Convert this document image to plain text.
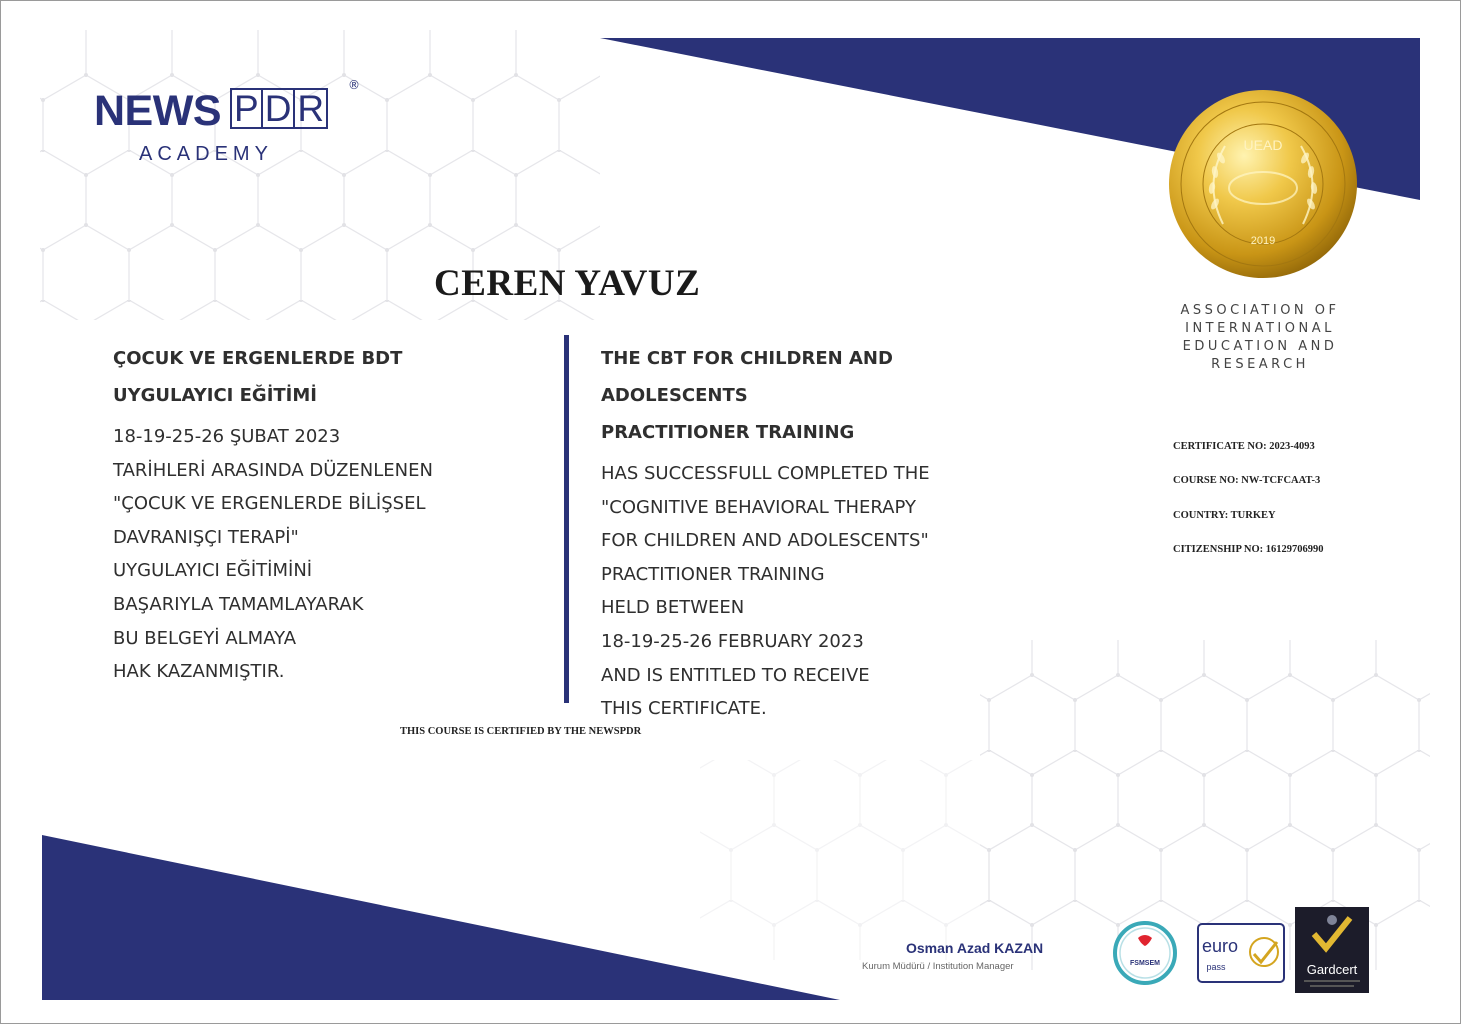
NEWS P D R
®
ACADEMY
CEREN YAVUZ
ÇOCUK VE ERGENLERDE BDT
UYGULAYICI EĞİTİMİ
18-19-25-26 ŞUBAT 2023
TARİHLERİ ARASINDA DÜZENLENEN
"ÇOCUK VE ERGENLERDE BİLİŞSEL
DAVRANIŞÇI TERAPİ"
UYGULAYICI EĞİTİMİNİ
BAŞARIYLA TAMAMLAYARAK
BU BELGEYİ ALMAYA
HAK KAZANMIŞTIR.
THE CBT FOR CHILDREN AND
ADOLESCENTS
PRACTITIONER TRAINING
HAS SUCCESSFULL COMPLETED THE
"COGNITIVE BEHAVIORAL THERAPY
FOR CHILDREN AND ADOLESCENTS"
PRACTITIONER TRAINING
HELD BETWEEN
18-19-25-26 FEBRUARY 2023
AND IS ENTITLED TO RECEIVE
THIS CERTIFICATE.
THIS COURSE IS CERTIFIED BY THE NEWSPDR
UEAD
2019
ASSOCIATION OF
INTERNATIONAL
EDUCATION AND
RESEARCH
CERTIFICATE NO: 2023-4093
COURSE NO: NW-TCFCAAT-3
COUNTRY: TURKEY
CITIZENSHIP NO: 16129706990
Osman Azad KAZAN
Kurum Müdürü / Institution Manager	FSMSEM
euro
pass	Gardcert
